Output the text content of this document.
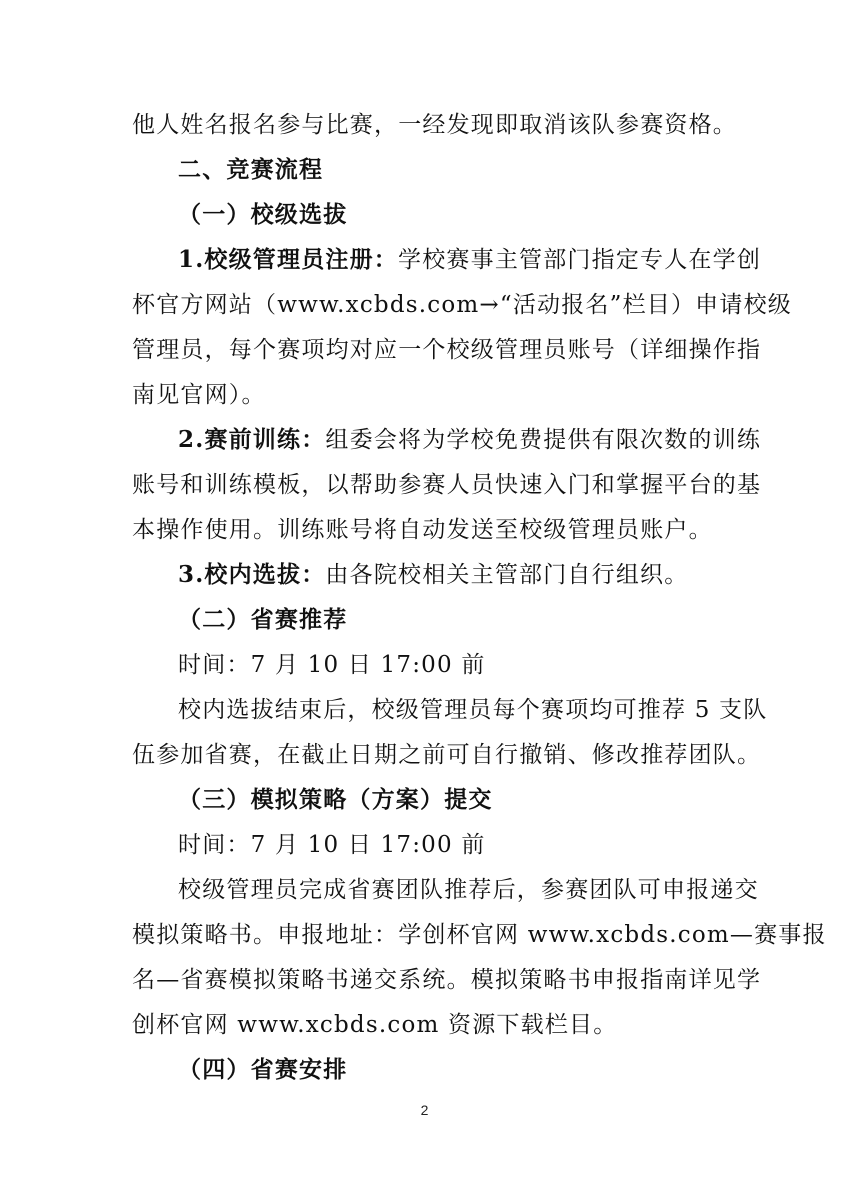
他人姓名报名参与比赛，一经发现即取消该队参赛资格。
二、竞赛流程
（一）校级选拔
1.校级管理员注册：学校赛事主管部门指定专人在学创
杯官方网站（www.xcbds.com→“活动报名”栏目）申请校级
管理员，每个赛项均对应一个校级管理员账号（详细操作指
南见官网）。
2.赛前训练：组委会将为学校免费提供有限次数的训练
账号和训练模板，以帮助参赛人员快速入门和掌握平台的基
本操作使用。训练账号将自动发送至校级管理员账户。
3.校内选拔：由各院校相关主管部门自行组织。
（二）省赛推荐
时间：7 月 10 日 17:00 前
校内选拔结束后，校级管理员每个赛项均可推荐 5 支队
伍参加省赛，在截止日期之前可自行撤销、修改推荐团队。
（三）模拟策略（方案）提交
时间：7 月 10 日 17:00 前
校级管理员完成省赛团队推荐后，参赛团队可申报递交
模拟策略书。申报地址：学创杯官网 www.xcbds.com—赛事报
名—省赛模拟策略书递交系统。模拟策略书申报指南详见学
创杯官网 www.xcbds.com 资源下载栏目。
（四）省赛安排
2
